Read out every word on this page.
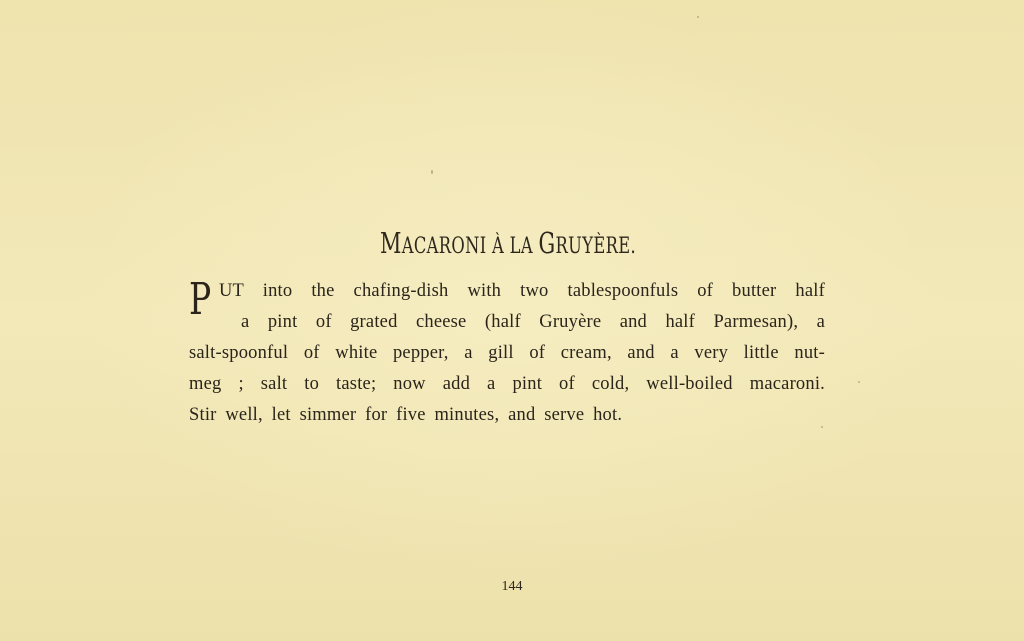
MACARONI À LA GRUYÈRE.
P UT into the chafing-dish with two tablespoonfuls of butter half
a pint of grated cheese (half Gruyère and half Parmesan), a
salt-spoonful of white pepper, a gill of cream, and a very little nut-
meg ; salt to taste; now add a pint of cold, well-boiled macaroni.
Stir well, let simmer for five minutes, and serve hot.
144
